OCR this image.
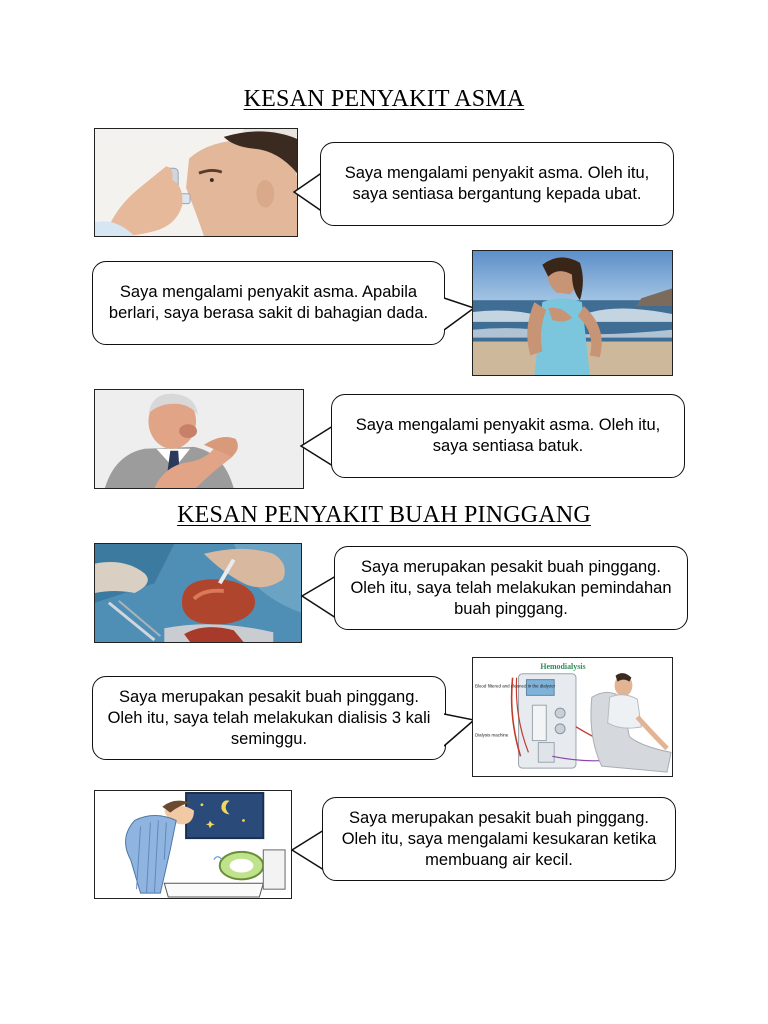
KESAN PENYAKIT ASMA
Saya mengalami penyakit asma. Oleh itu, saya sentiasa bergantung kepada ubat.
Saya mengalami penyakit asma. Apabila berlari, saya berasa sakit di bahagian dada.
Saya mengalami penyakit asma. Oleh itu, saya sentiasa batuk.
KESAN PENYAKIT BUAH PINGGANG
Saya merupakan pesakit buah pinggang. Oleh itu, saya telah melakukan pemindahan buah pinggang.
Saya merupakan pesakit buah pinggang. Oleh itu, saya telah melakukan dialisis 3 kali seminggu.
Hemodialysis
Blood filtered and cleaned in the dialyzer
Dialysis machine
Saya merupakan pesakit buah pinggang. Oleh itu, saya mengalami kesukaran ketika membuang air kecil.
